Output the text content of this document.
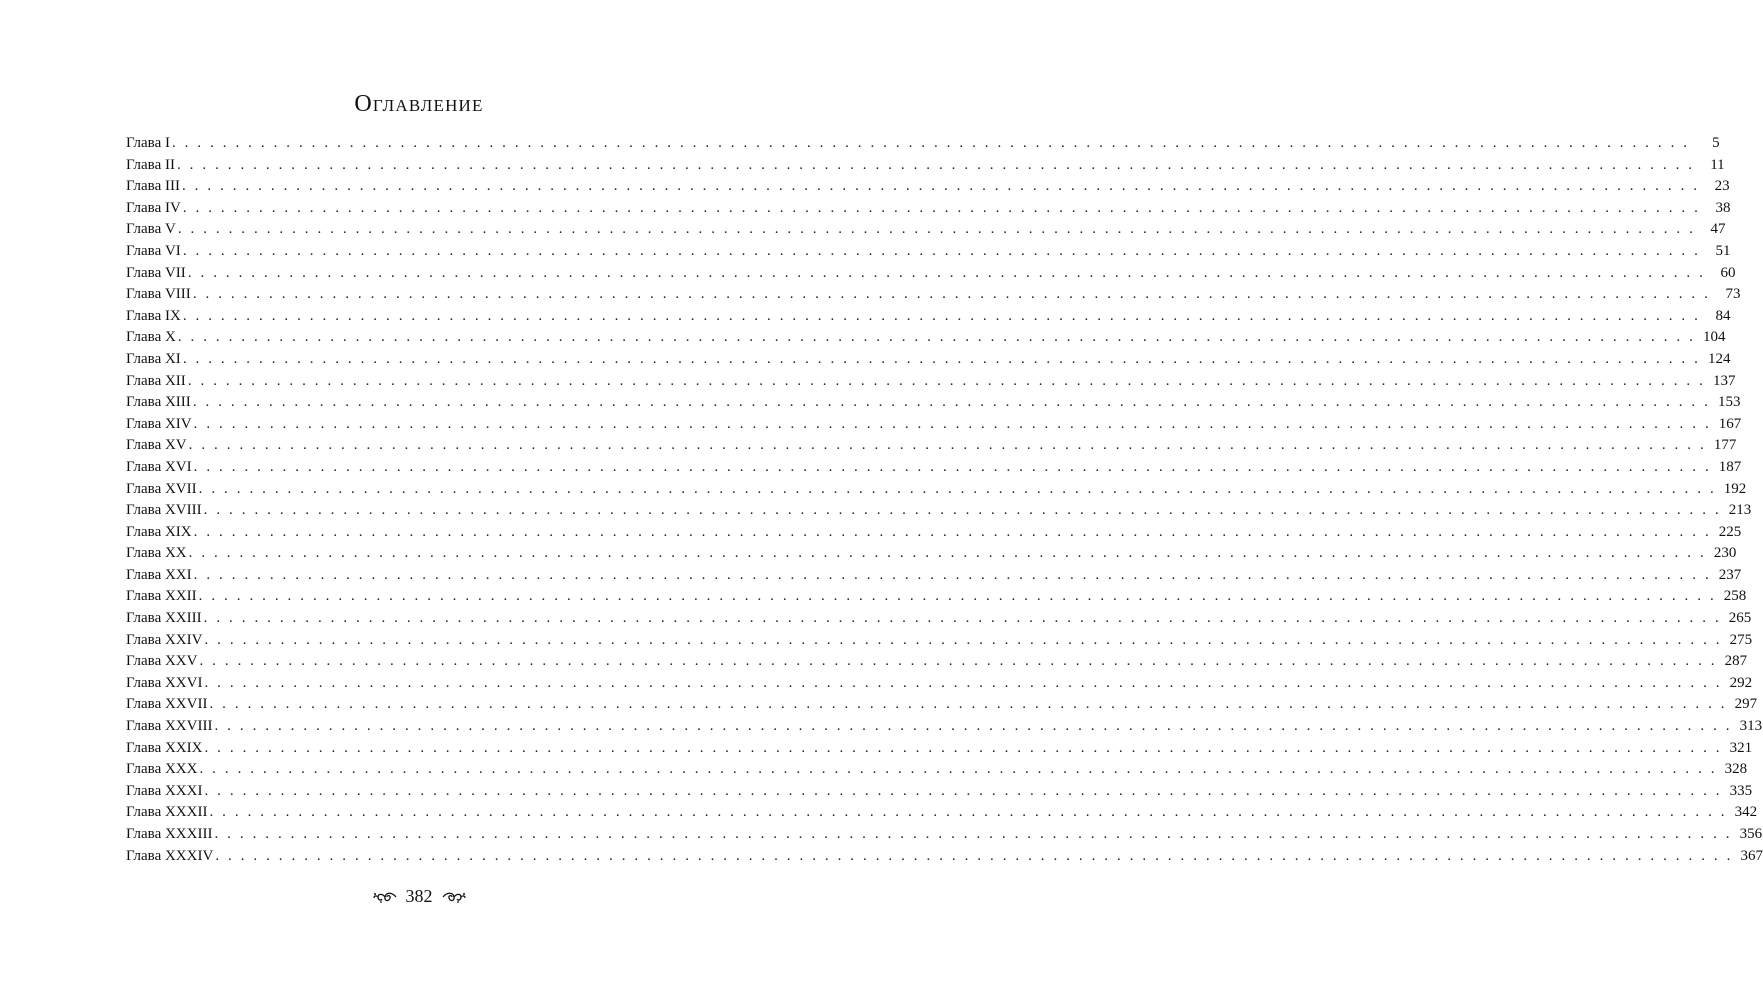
Оглавление
Глава I . . . . . . . . . . . . . . . . . . . . . . . . . . . . . . . . . . . . . . . . . . . . . . . . . . . . . . . . . . . . . . . . . . . . . . . . . . . . . . . . . . . . . . . . . . . . . . . . . . . . . . . . . . . . . . . . . . . . . . . .	5
Глава II . . . . . . . . . . . . . . . . . . . . . . . . . . . . . . . . . . . . . . . . . . . . . . . . . . . . . . . . . . . . . . . . . . . . . . . . . . . . . . . . . . . . . . . . . . . . . . . . . . . . . . . . . . . . . . . . . . . . . . . .	11
Глава III . . . . . . . . . . . . . . . . . . . . . . . . . . . . . . . . . . . . . . . . . . . . . . . . . . . . . . . . . . . . . . . . . . . . . . . . . . . . . . . . . . . . . . . . . . . . . . . . . . . . . . . . . . . . . . . . . . . . . . . .	23
Глава IV . . . . . . . . . . . . . . . . . . . . . . . . . . . . . . . . . . . . . . . . . . . . . . . . . . . . . . . . . . . . . . . . . . . . . . . . . . . . . . . . . . . . . . . . . . . . . . . . . . . . . . . . . . . . . . . . . . . . . . . .	38
Глава V . . . . . . . . . . . . . . . . . . . . . . . . . . . . . . . . . . . . . . . . . . . . . . . . . . . . . . . . . . . . . . . . . . . . . . . . . . . . . . . . . . . . . . . . . . . . . . . . . . . . . . . . . . . . . . . . . . . . . . . .	47
Глава VI . . . . . . . . . . . . . . . . . . . . . . . . . . . . . . . . . . . . . . . . . . . . . . . . . . . . . . . . . . . . . . . . . . . . . . . . . . . . . . . . . . . . . . . . . . . . . . . . . . . . . . . . . . . . . . . . . . . . . . . .	51
Глава VII . . . . . . . . . . . . . . . . . . . . . . . . . . . . . . . . . . . . . . . . . . . . . . . . . . . . . . . . . . . . . . . . . . . . . . . . . . . . . . . . . . . . . . . . . . . . . . . . . . . . . . . . . . . . . . . . . . . . . . . .	60
Глава VIII . . . . . . . . . . . . . . . . . . . . . . . . . . . . . . . . . . . . . . . . . . . . . . . . . . . . . . . . . . . . . . . . . . . . . . . . . . . . . . . . . . . . . . . . . . . . . . . . . . . . . . . . . . . . . . . . . . . . . . . .	73
Глава IX . . . . . . . . . . . . . . . . . . . . . . . . . . . . . . . . . . . . . . . . . . . . . . . . . . . . . . . . . . . . . . . . . . . . . . . . . . . . . . . . . . . . . . . . . . . . . . . . . . . . . . . . . . . . . . . . . . . . . . . .	84
Глава X . . . . . . . . . . . . . . . . . . . . . . . . . . . . . . . . . . . . . . . . . . . . . . . . . . . . . . . . . . . . . . . . . . . . . . . . . . . . . . . . . . . . . . . . . . . . . . . . . . . . . . . . . . . . . . . . . . . . . . . . 104
Глава XI . . . . . . . . . . . . . . . . . . . . . . . . . . . . . . . . . . . . . . . . . . . . . . . . . . . . . . . . . . . . . . . . . . . . . . . . . . . . . . . . . . . . . . . . . . . . . . . . . . . . . . . . . . . . . . . . . . . . . . . . 124
Глава XII . . . . . . . . . . . . . . . . . . . . . . . . . . . . . . . . . . . . . . . . . . . . . . . . . . . . . . . . . . . . . . . . . . . . . . . . . . . . . . . . . . . . . . . . . . . . . . . . . . . . . . . . . . . . . . . . . . . . . . . . 137
Глава XIII . . . . . . . . . . . . . . . . . . . . . . . . . . . . . . . . . . . . . . . . . . . . . . . . . . . . . . . . . . . . . . . . . . . . . . . . . . . . . . . . . . . . . . . . . . . . . . . . . . . . . . . . . . . . . . . . . . . . . . . . 153
Глава XIV . . . . . . . . . . . . . . . . . . . . . . . . . . . . . . . . . . . . . . . . . . . . . . . . . . . . . . . . . . . . . . . . . . . . . . . . . . . . . . . . . . . . . . . . . . . . . . . . . . . . . . . . . . . . . . . . . . . . . . . . 167
Глава XV . . . . . . . . . . . . . . . . . . . . . . . . . . . . . . . . . . . . . . . . . . . . . . . . . . . . . . . . . . . . . . . . . . . . . . . . . . . . . . . . . . . . . . . . . . . . . . . . . . . . . . . . . . . . . . . . . . . . . . . . 177
Глава XVI . . . . . . . . . . . . . . . . . . . . . . . . . . . . . . . . . . . . . . . . . . . . . . . . . . . . . . . . . . . . . . . . . . . . . . . . . . . . . . . . . . . . . . . . . . . . . . . . . . . . . . . . . . . . . . . . . . . . . . . . 187
Глава XVII . . . . . . . . . . . . . . . . . . . . . . . . . . . . . . . . . . . . . . . . . . . . . . . . . . . . . . . . . . . . . . . . . . . . . . . . . . . . . . . . . . . . . . . . . . . . . . . . . . . . . . . . . . . . . . . . . . . . . . . . 192
Глава XVIII . . . . . . . . . . . . . . . . . . . . . . . . . . . . . . . . . . . . . . . . . . . . . . . . . . . . . . . . . . . . . . . . . . . . . . . . . . . . . . . . . . . . . . . . . . . . . . . . . . . . . . . . . . . . . . . . . . . . . . . . 213
Глава XIX . . . . . . . . . . . . . . . . . . . . . . . . . . . . . . . . . . . . . . . . . . . . . . . . . . . . . . . . . . . . . . . . . . . . . . . . . . . . . . . . . . . . . . . . . . . . . . . . . . . . . . . . . . . . . . . . . . . . . . . . 225
Глава XX . . . . . . . . . . . . . . . . . . . . . . . . . . . . . . . . . . . . . . . . . . . . . . . . . . . . . . . . . . . . . . . . . . . . . . . . . . . . . . . . . . . . . . . . . . . . . . . . . . . . . . . . . . . . . . . . . . . . . . . . 230
Глава XXI . . . . . . . . . . . . . . . . . . . . . . . . . . . . . . . . . . . . . . . . . . . . . . . . . . . . . . . . . . . . . . . . . . . . . . . . . . . . . . . . . . . . . . . . . . . . . . . . . . . . . . . . . . . . . . . . . . . . . . . . 237
Глава XXII . . . . . . . . . . . . . . . . . . . . . . . . . . . . . . . . . . . . . . . . . . . . . . . . . . . . . . . . . . . . . . . . . . . . . . . . . . . . . . . . . . . . . . . . . . . . . . . . . . . . . . . . . . . . . . . . . . . . . . . . 258
Глава XXIII . . . . . . . . . . . . . . . . . . . . . . . . . . . . . . . . . . . . . . . . . . . . . . . . . . . . . . . . . . . . . . . . . . . . . . . . . . . . . . . . . . . . . . . . . . . . . . . . . . . . . . . . . . . . . . . . . . . . . . . . 265
Глава XXIV . . . . . . . . . . . . . . . . . . . . . . . . . . . . . . . . . . . . . . . . . . . . . . . . . . . . . . . . . . . . . . . . . . . . . . . . . . . . . . . . . . . . . . . . . . . . . . . . . . . . . . . . . . . . . . . . . . . . . . . . 275
Глава XXV . . . . . . . . . . . . . . . . . . . . . . . . . . . . . . . . . . . . . . . . . . . . . . . . . . . . . . . . . . . . . . . . . . . . . . . . . . . . . . . . . . . . . . . . . . . . . . . . . . . . . . . . . . . . . . . . . . . . . . . . 287
Глава XXVI . . . . . . . . . . . . . . . . . . . . . . . . . . . . . . . . . . . . . . . . . . . . . . . . . . . . . . . . . . . . . . . . . . . . . . . . . . . . . . . . . . . . . . . . . . . . . . . . . . . . . . . . . . . . . . . . . . . . . . . . 292
Глава XXVII . . . . . . . . . . . . . . . . . . . . . . . . . . . . . . . . . . . . . . . . . . . . . . . . . . . . . . . . . . . . . . . . . . . . . . . . . . . . . . . . . . . . . . . . . . . . . . . . . . . . . . . . . . . . . . . . . . . . . . . . 297
Глава XXVIII . . . . . . . . . . . . . . . . . . . . . . . . . . . . . . . . . . . . . . . . . . . . . . . . . . . . . . . . . . . . . . . . . . . . . . . . . . . . . . . . . . . . . . . . . . . . . . . . . . . . . . . . . . . . . . . . . . . . . . . . 313
Глава XXIX . . . . . . . . . . . . . . . . . . . . . . . . . . . . . . . . . . . . . . . . . . . . . . . . . . . . . . . . . . . . . . . . . . . . . . . . . . . . . . . . . . . . . . . . . . . . . . . . . . . . . . . . . . . . . . . . . . . . . . . . 321
Глава XXX . . . . . . . . . . . . . . . . . . . . . . . . . . . . . . . . . . . . . . . . . . . . . . . . . . . . . . . . . . . . . . . . . . . . . . . . . . . . . . . . . . . . . . . . . . . . . . . . . . . . . . . . . . . . . . . . . . . . . . . . 328
Глава XXXI . . . . . . . . . . . . . . . . . . . . . . . . . . . . . . . . . . . . . . . . . . . . . . . . . . . . . . . . . . . . . . . . . . . . . . . . . . . . . . . . . . . . . . . . . . . . . . . . . . . . . . . . . . . . . . . . . . . . . . . . 335
Глава XXXII . . . . . . . . . . . . . . . . . . . . . . . . . . . . . . . . . . . . . . . . . . . . . . . . . . . . . . . . . . . . . . . . . . . . . . . . . . . . . . . . . . . . . . . . . . . . . . . . . . . . . . . . . . . . . . . . . . . . . . . . 342
Глава XXXIII . . . . . . . . . . . . . . . . . . . . . . . . . . . . . . . . . . . . . . . . . . . . . . . . . . . . . . . . . . . . . . . . . . . . . . . . . . . . . . . . . . . . . . . . . . . . . . . . . . . . . . . . . . . . . . . . . . . . . . . . 356
Глава XXXIV . . . . . . . . . . . . . . . . . . . . . . . . . . . . . . . . . . . . . . . . . . . . . . . . . . . . . . . . . . . . . . . . . . . . . . . . . . . . . . . . . . . . . . . . . . . . . . . . . . . . . . . . . . . . . . . . . . . . . . . . 367
382
